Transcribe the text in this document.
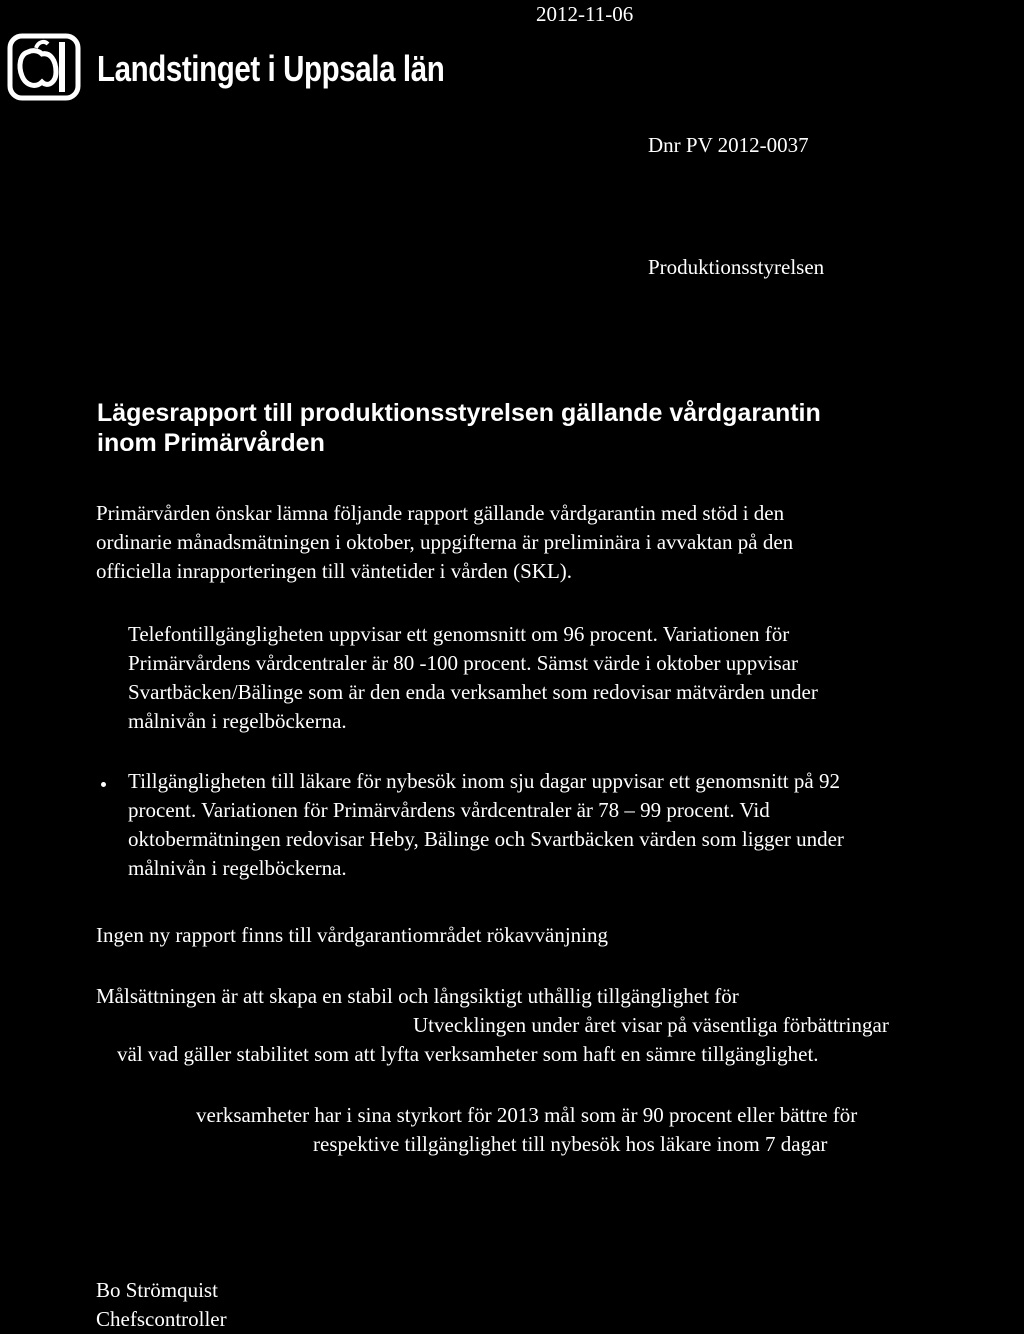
Landstinget i Uppsala län
2012-11-06
Dnr PV 2012-0037
Produktionsstyrelsen
Lägesrapport till produktionsstyrelsen gällande vårdgarantin
inom Primärvården
Primärvården önskar lämna följande rapport gällande vårdgarantin med stöd i den
ordinarie månadsmätningen i oktober, uppgifterna är preliminära i avvaktan på den
officiella inrapporteringen till väntetider i vården (SKL).
Telefontillgängligheten uppvisar ett genomsnitt om 96 procent. Variationen för
Primärvårdens vårdcentraler är 80 -100 procent. Sämst värde i oktober uppvisar
Svartbäcken/Bälinge som är den enda verksamhet som redovisar mätvärden under
målnivån i regelböckerna.
Tillgängligheten till läkare för nybesök inom sju dagar uppvisar ett genomsnitt på 92
procent. Variationen för Primärvårdens vårdcentraler är 78 – 99 procent. Vid
oktobermätningen redovisar Heby, Bälinge och Svartbäcken värden som ligger under
målnivån i regelböckerna.
Ingen ny rapport finns till vårdgarantiområdet rökavvänjning
Målsättningen är att skapa en stabil och långsiktigt uthållig tillgänglighet för
Utvecklingen under året visar på väsentliga förbättringar
väl vad gäller stabilitet som att lyfta verksamheter som haft en sämre tillgänglighet.
verksamheter har i sina styrkort för 2013 mål som är 90 procent eller bättre för
respektive tillgänglighet till nybesök hos läkare inom 7 dagar
Bo Strömquist
Chefscontroller
